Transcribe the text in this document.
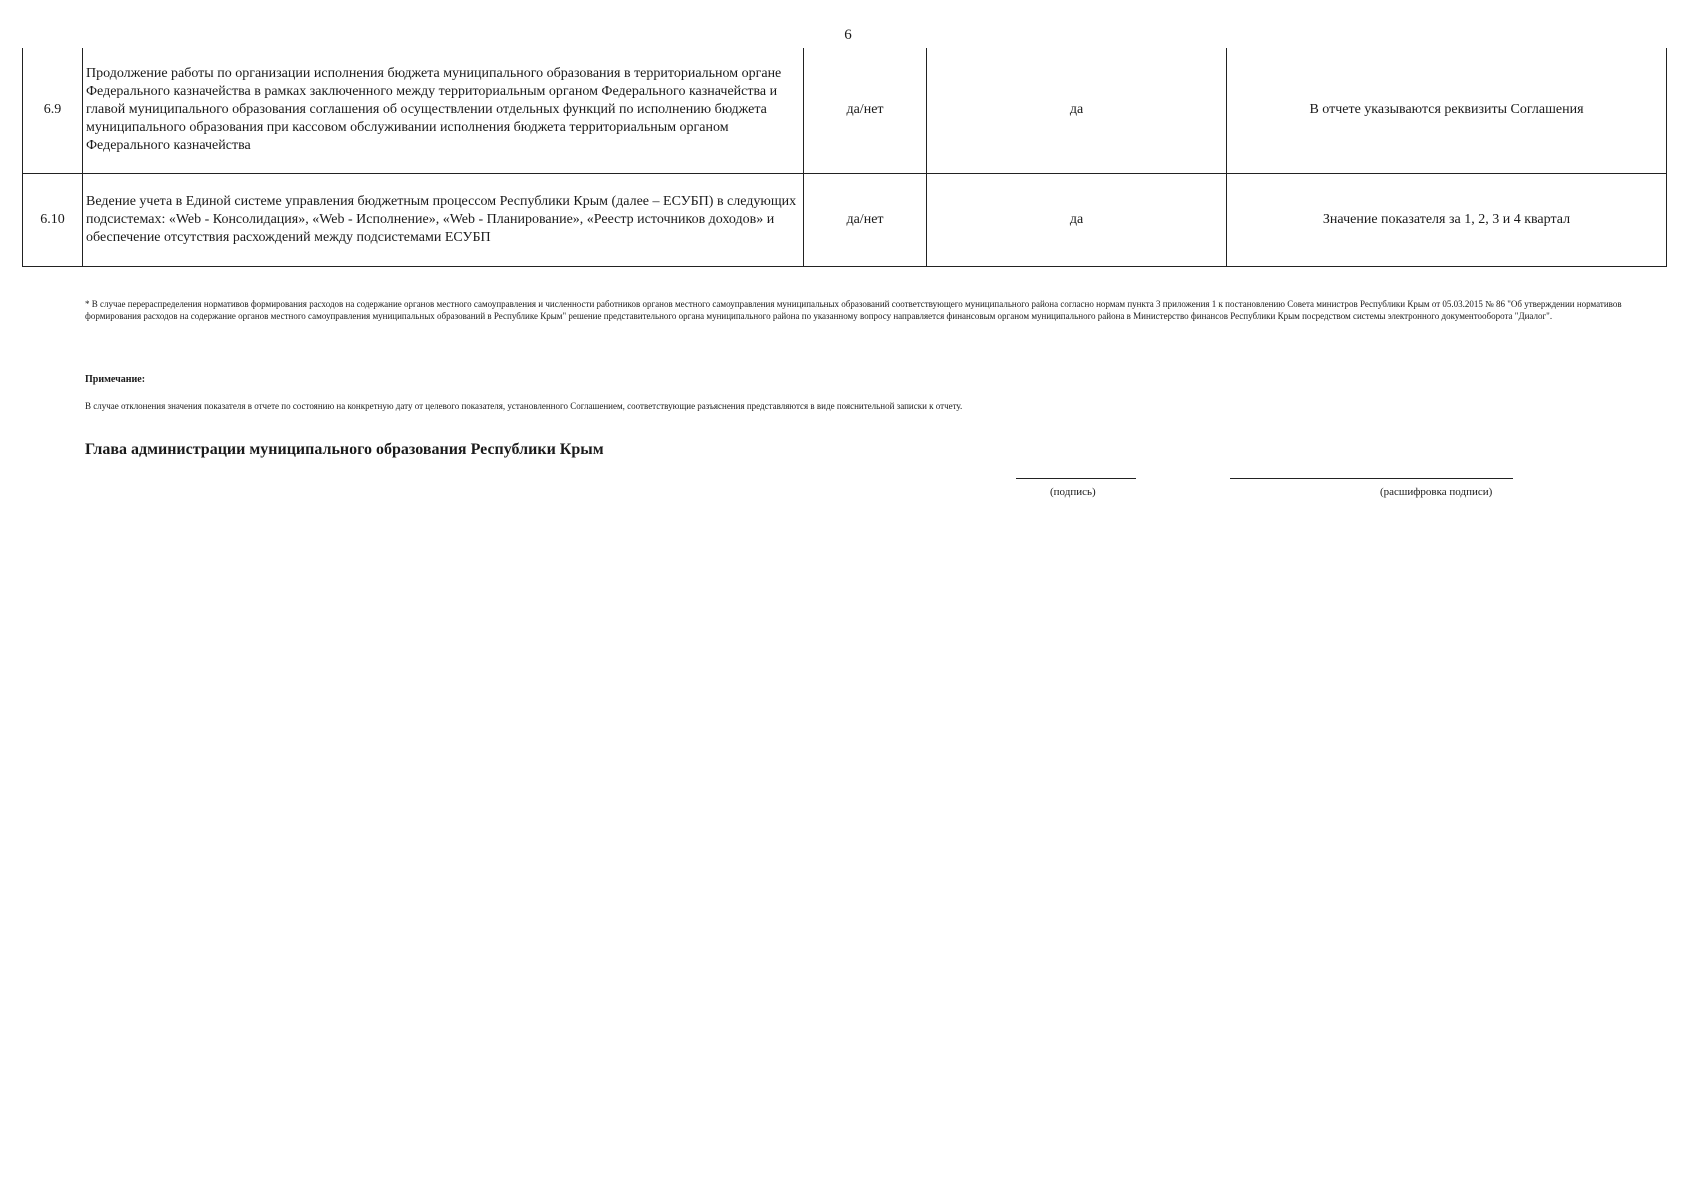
6
6.9	Продолжение работы по организации исполнения бюджета муниципального образования в территориальном органе Федерального казначейства в рамках заключенного между территориальным органом Федерального казначейства и главой муниципального образования соглашения об осуществлении отдельных функций по исполнению бюджета муниципального образования при кассовом обслуживании исполнения бюджета территориальным органом Федерального казначейства	да/нет	да	В отчете указываются реквизиты Соглашения
6.10	Ведение учета в Единой системе управления бюджетным процессом Республики Крым (далее – ЕСУБП) в следующих подсистемах: «Web - Консолидация», «Web - Исполнение», «Web - Планирование», «Реестр источников доходов» и обеспечение отсутствия расхождений между подсистемами ЕСУБП	да/нет	да	Значение показателя за 1, 2, 3 и 4 квартал
* В случае перераспределения нормативов формирования расходов на содержание органов местного самоуправления и численности работников органов местного самоуправления муниципальных образований соответствующего муниципального района согласно нормам пункта 3 приложения 1 к постановлению Совета министров Республики Крым от 05.03.2015 № 86 "Об утверждении нормативов формирования расходов на содержание органов местного самоуправления муниципальных образований в Республике Крым" решение представительного органа муниципального района по указанному вопросу направляется финансовым органом муниципального района в Министерство финансов Республики Крым посредством системы электронного документооборота "Диалог".
Примечание:
В случае отклонения значения показателя в отчете по состоянию на конкретную дату от целевого показателя, установленного Соглашением, соответствующие разъяснения представляются в виде пояснительной записки к отчету.
Глава администрации муниципального образования Республики Крым
(подпись)	(расшифровка подписи)
